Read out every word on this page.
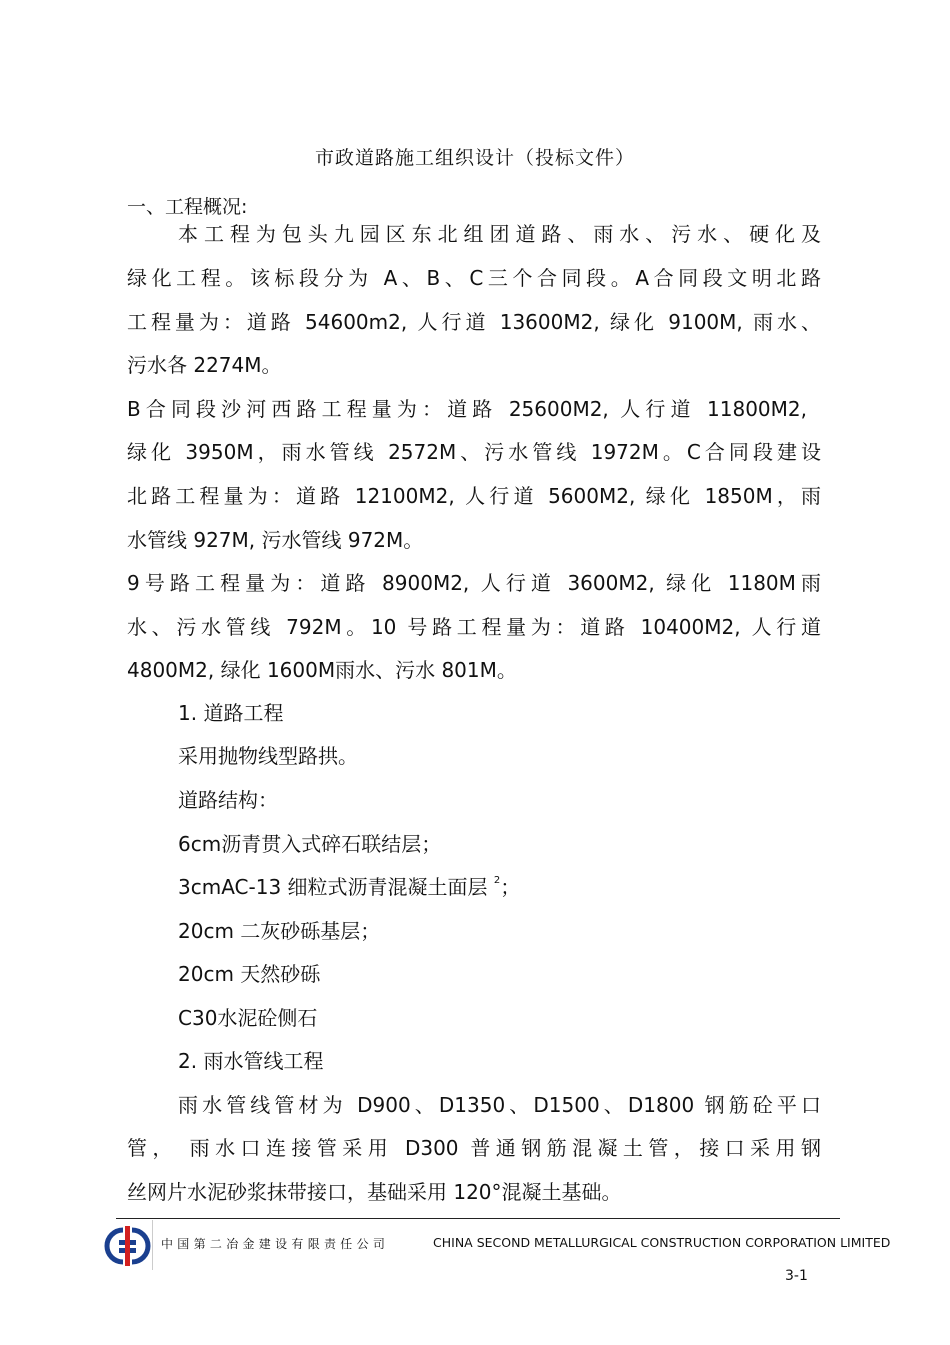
市政道路施工组织设计（投标文件）
一、工程概况:
本工程为包头九园区东北组团道路、雨水、污水、硬化及
绿化工程。该标段分为 A、B、C三个合同段。A合同段文明北路
工程量为：道路 54600m2, 人行道 13600M2, 绿化 9100M, 雨水、
污水各 2274M。
B合同段沙河西路工程量为：道路 25600M2, 人行道 11800M2,
绿化 3950M，雨水管线 2572M、污水管线 1972M。C合同段建设
北路工程量为：道路 12100M2, 人行道 5600M2, 绿化 1850M，雨
水管线 927M, 污水管线 972M。
9号路工程量为：道路 8900M2, 人行道 3600M2, 绿化 1180M雨
水、污水管线 792M。10 号路工程量为：道路 10400M2, 人行道
4800M2, 绿化 1600M雨水、污水 801M。
1. 道路工程
采用抛物线型路拱。
道路结构：
6cm沥青贯入式碎石联结层；
3cmAC-13 细粒式沥青混凝土面层 $^2$；
20cm 二灰砂砾基层；
20cm 天然砂砾
C30水泥砼侧石
2. 雨水管线工程
雨水管线管材为 D900、D1350、D1500、D1800 钢筋砼平口
管， 雨水口连接管采用 D300 普通钢筋混凝土管，接口采用钢
丝网片水泥砂浆抹带接口，基础采用 120°混凝土基础。
中国第二冶金建设有限责任公司	CHINA SECOND METALLURGICAL CONSTRUCTION CORPORATION LIMITED
3-1
